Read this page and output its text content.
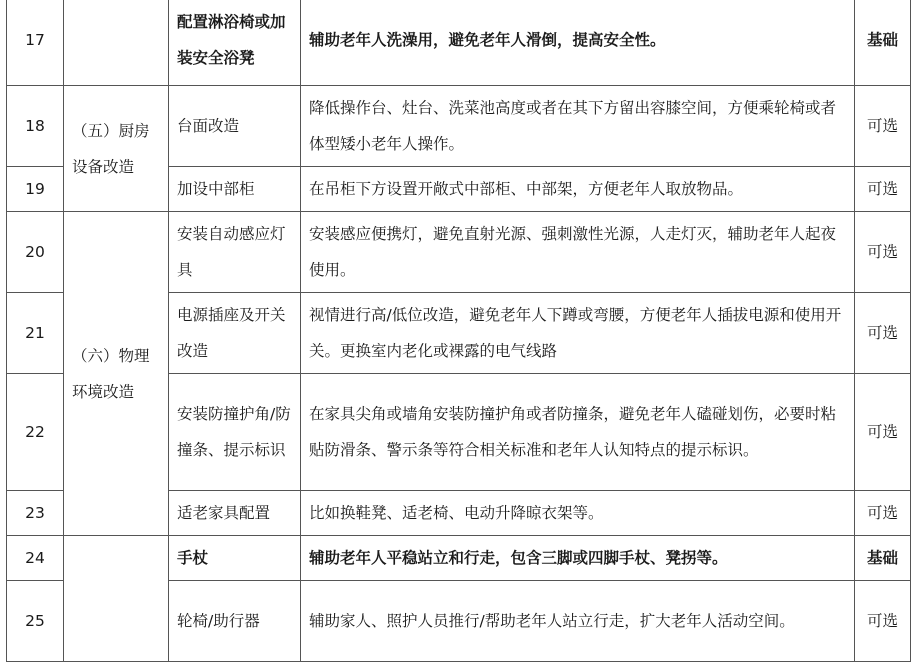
17		配置淋浴椅或加装安全浴凳	辅助老年人洗澡用，避免老年人滑倒，提高安全性。	基础
18	（五）厨房设备改造	台面改造	降低操作台、灶台、洗菜池高度或者在其下方留出容膝空间，方便乘轮椅或者体型矮小老年人操作。	可选
19		加设中部柜	在吊柜下方设置开敞式中部柜、中部架，方便老年人取放物品。	可选
20	（六）物理环境改造	安装自动感应灯具	安装感应便携灯，避免直射光源、强刺激性光源，人走灯灭，辅助老年人起夜使用。	可选
21		电源插座及开关改造	视情进行高/低位改造，避免老年人下蹲或弯腰，方便老年人插拔电源和使用开关。更换室内老化或裸露的电气线路	可选
22		安装防撞护角/防撞条、提示标识	在家具尖角或墙角安装防撞护角或者防撞条，避免老年人磕碰划伤，必要时粘贴防滑条、警示条等符合相关标准和老年人认知特点的提示标识。	可选
23		适老家具配置	比如换鞋凳、适老椅、电动升降晾衣架等。	可选
24		手杖	辅助老年人平稳站立和行走，包含三脚或四脚手杖、凳拐等。	基础
25		轮椅/助行器	辅助家人、照护人员推行/帮助老年人站立行走，扩大老年人活动空间。	可选
